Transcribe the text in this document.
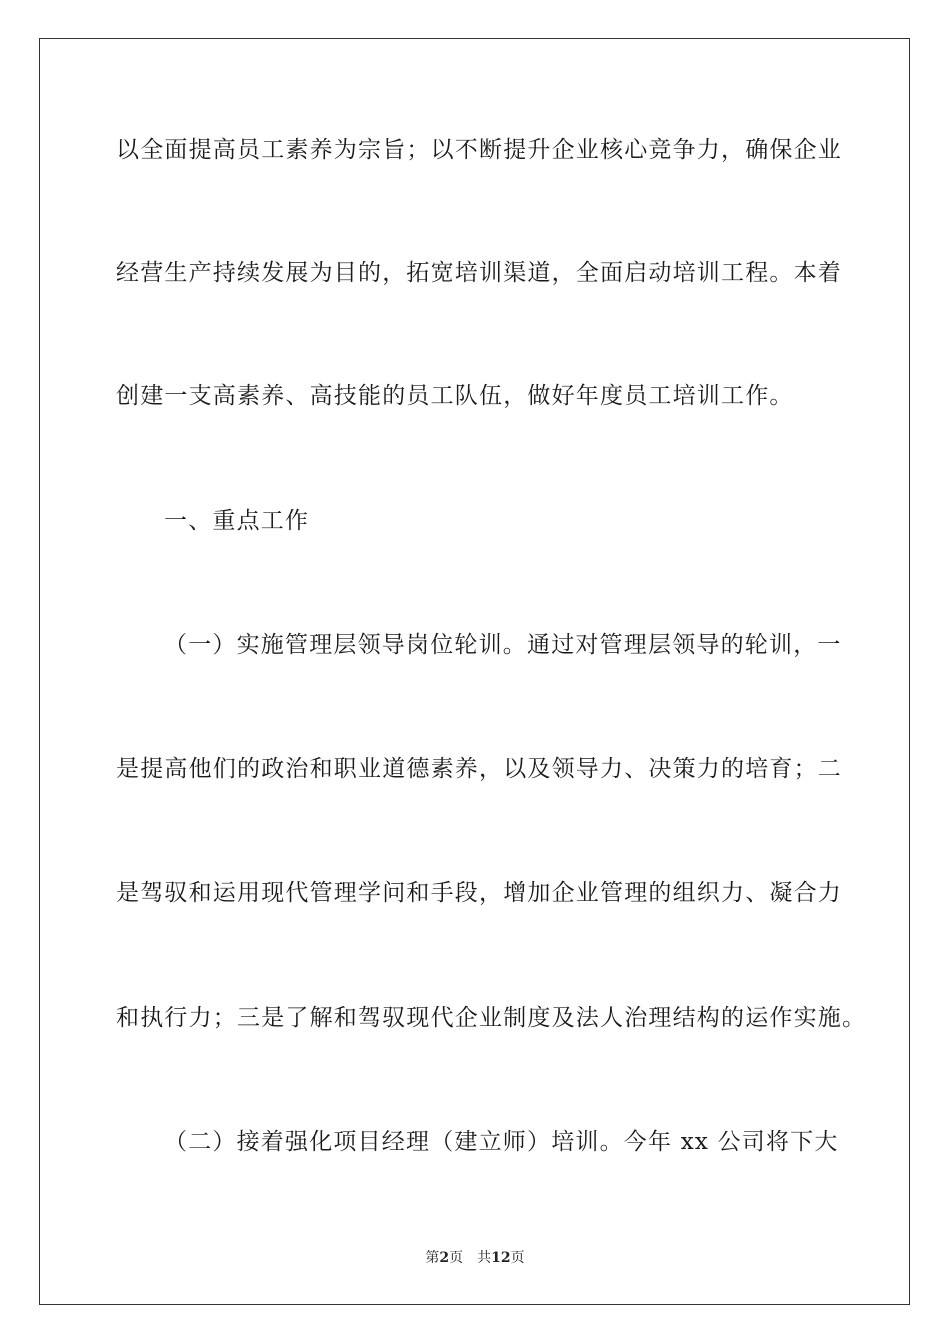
以全面提高员工素养为宗旨；以不断提升企业核心竞争力，确保企业
经营生产持续发展为目的，拓宽培训渠道，全面启动培训工程。本着
创建一支高素养、高技能的员工队伍，做好年度员工培训工作。
一、重点工作
（一）实施管理层领导岗位轮训。通过对管理层领导的轮训，一
是提高他们的政治和职业道德素养，以及领导力、决策力的培育；二
是驾驭和运用现代管理学问和手段，增加企业管理的组织力、凝合力
和执行力；三是了解和驾驭现代企业制度及法人治理结构的运作实施。
（二）接着强化项目经理（建立师）培训。今年 xx 公司将下大
第2页 共12页
